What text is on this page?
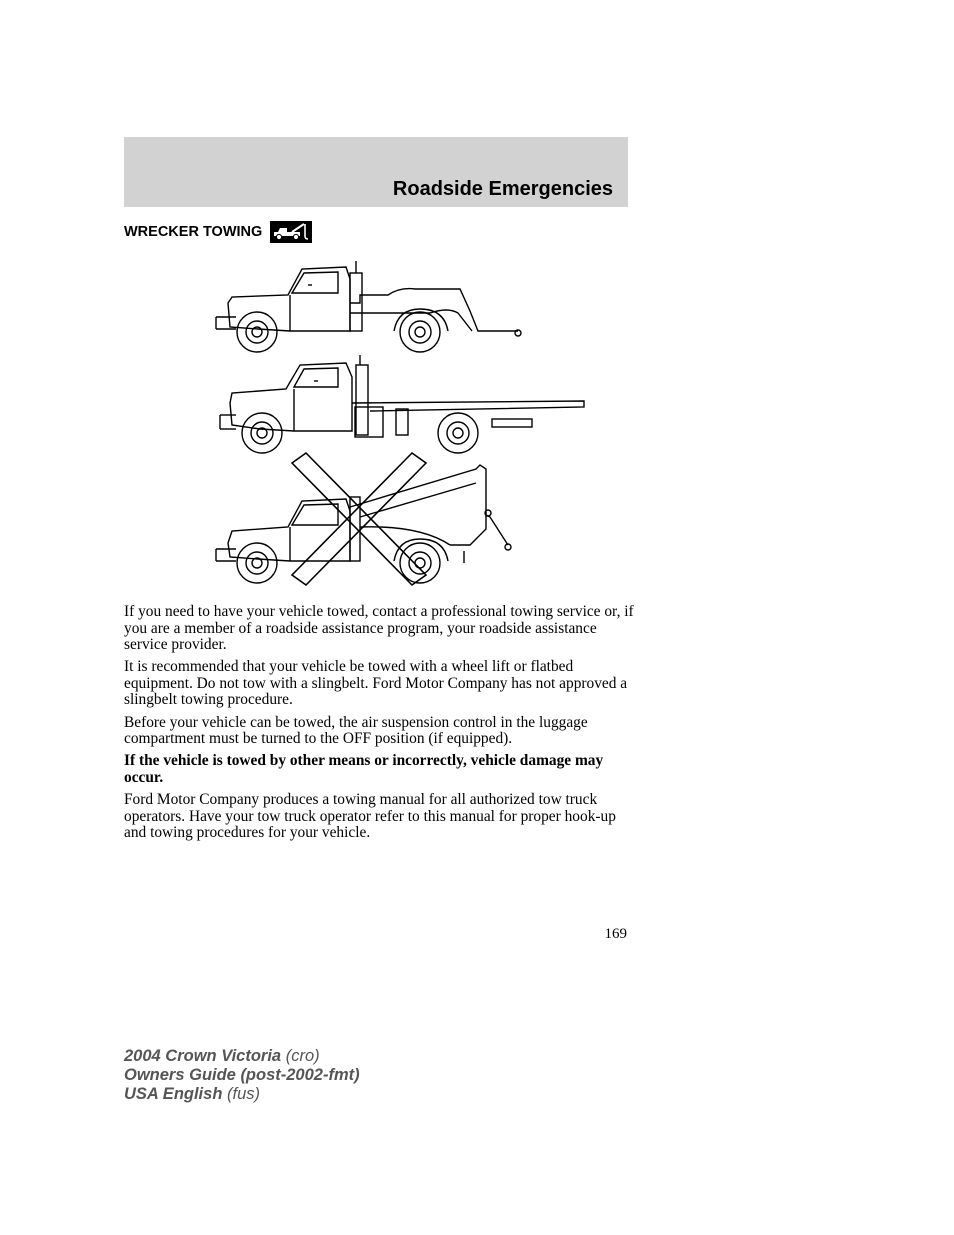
Roadside Emergencies
WRECKER TOWING

If you need to have your vehicle towed, contact a professional towing service or, if you are a member of a roadside assistance program, your roadside assistance service provider.

It is recommended that your vehicle be towed with a wheel lift or flatbed equipment. Do not tow with a slingbelt. Ford Motor Company has not approved a slingbelt towing procedure.

Before your vehicle can be towed, the air suspension control in the luggage compartment must be turned to the OFF position (if equipped).

If the vehicle is towed by other means or incorrectly, vehicle damage may occur.

Ford Motor Company produces a towing manual for all authorized tow truck operators. Have your tow truck operator refer to this manual for proper hook-up and towing procedures for your vehicle.

169
2004 Crown Victoria (cro)
Owners Guide (post-2002-fmt)
USA English (fus)
